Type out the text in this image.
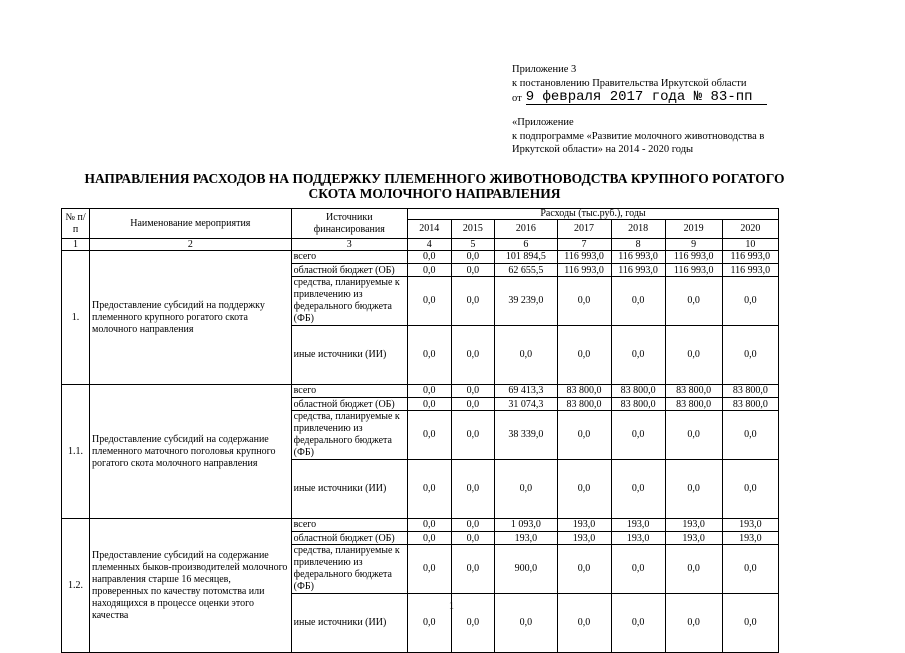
Приложение 3
к постановлению Правительства Иркутской области
от 9 февраля 2017 года № 83-пп
«Приложение
к подпрограмме «Развитие молочного животноводства в Иркутской области» на 2014 - 2020 годы
НАПРАВЛЕНИЯ РАСХОДОВ НА ПОДДЕРЖКУ ПЛЕМЕННОГО ЖИВОТНОВОДСТВА КРУПНОГО РОГАТОГО СКОТА МОЛОЧНОГО НАПРАВЛЕНИЯ
№ п/п	Наименование мероприятия	Источники финансирования	Расходы (тыс.руб.), годы						
			2014	2015	2016	2017	2018	2019	2020
1	2	3	4	5	6	7	8	9	10
1.	Предоставление субсидий на поддержку племенного крупного рогатого скота молочного направления	всего	0,0	0,0	101 894,5	116 993,0	116 993,0	116 993,0	116 993,0
		областной бюджет (ОБ)	0,0	0,0	62 655,5	116 993,0	116 993,0	116 993,0	116 993,0
		средства, планируемые к привлечению из федерального бюджета (ФБ)	0,0	0,0	39 239,0	0,0	0,0	0,0	0,0
		иные источники (ИИ)	0,0	0,0	0,0	0,0	0,0	0,0	0,0
1.1.	Предоставление субсидий на содержание племенного маточного поголовья крупного рогатого скота молочного направления	всего	0,0	0,0	69 413,3	83 800,0	83 800,0	83 800,0	83 800,0
		областной бюджет (ОБ)	0,0	0,0	31 074,3	83 800,0	83 800,0	83 800,0	83 800,0
		средства, планируемые к привлечению из федерального бюджета (ФБ)	0,0	0,0	38 339,0	0,0	0,0	0,0	0,0
		иные источники (ИИ)	0,0	0,0	0,0	0,0	0,0	0,0	0,0
1.2.	Предоставление субсидий на содержание племенных быков-производителей молочного направления старше 16 месяцев, проверенных по качеству потомства или находящихся в процессе оценки этого качества	всего	0,0	0,0	1 093,0	193,0	193,0	193,0	193,0
		областной бюджет (ОБ)	0,0	0,0	193,0	193,0	193,0	193,0	193,0
		средства, планируемые к привлечению из федерального бюджета (ФБ)	0,0	0,0	900,0	0,0	0,0	0,0	0,0
		иные источники (ИИ)	0,0	0,0	0,0	0,0	0,0	0,0	0,0
1
